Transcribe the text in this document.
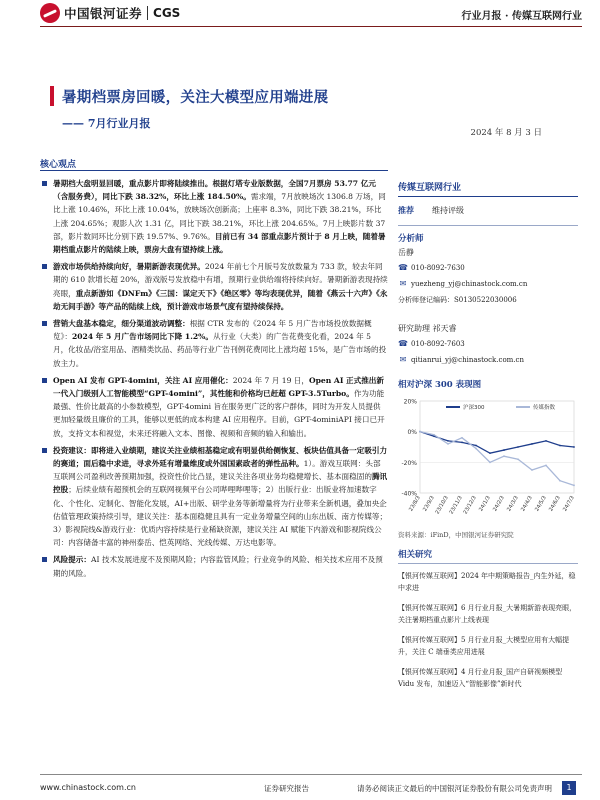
中国银河证券 CGS	行业月报 · 传媒互联网行业
暑期档票房回暖，关注大模型应用端进展
—— 7月行业月报
2024 年 8 月 3 日
核心观点
暑期档大盘明显回暖，重点影片即将陆续推出。根据灯塔专业版数据，全国7月票房 53.77 亿元（含服务费），同比下跌 38.32%，环比上涨 184.50%。需求端，7月放映场次 1306.8 万场，同比上涨 10.46%，环比上涨 10.04%，放映场次创新高；上座率 8.3%，同比下跌 38.21%，环比上涨 204.65%；观影人次 1.31 亿，同比下跌 38.21%，环比上涨 204.65%。7月上映影片数 37 部，影片数同环比分别下跌 19.57%、9.76%。目前已有 34 部重点影片预计于 8 月上映，随着暑期档重点影片的陆续上映，票房大盘有望持续上涨。
游戏市场供给持续向好，暑期新游表现优异。2024 年前七个月版号发放数量为 733 款，较去年同期的 610 款增长超 20%，游戏版号发放稳中有增，预期行业供给端将持续向好。暑期新游表现持续亮眼，重点新游如《DNFm》《三国：谋定天下》《绝区零》等均表现优异，随着《燕云十六声》《永劫无间手游》等产品的陆续上线，预计游戏市场景气度有望持续保持。
营销大盘基本稳定，细分渠道波动调整：根据 CTR 发布的《2024 年 5 月广告市场投放数据概览》：2024 年 5 月广告市场同比下降 1.2%。从行业（大类）的广告花费变化看，2024 年 5 月，化妆品/浴室用品、酒精类饮品、药品等行业广告刊例花费同比上涨均超 15%，是广告市场的投放主力。
Open AI 发布 GPT-4omini，关注 AI 应用催化：2024 年 7 月 19 日，Open AI 正式推出新一代入门级别人工智能模型“GPT-4omini”，其性能和价格均已赶超 GPT-3.5Turbo。作为功能最强、性价比最高的小参数模型，GPT-4omini 旨在服务更广泛的客户群体，同时为开发人员提供更加轻量级且廉价的工具，能够以更低的成本构建 AI 应用程序。目前，GPT-4ominiAPI 接口已开放，支持文本和视觉，未来还将融入文本、图像、视频和音频的输入和输出。
投资建议：即将进入业绩期，建议关注业绩相基稳定或有明显供给侧恢复、板块估值具备一定吸引力的赛道；面后稳中求进，寻求外延有增量维度或外国国素政者的弹性品种。1）。游戏互联网：头部互联网公司盈利改善预期加强，投资性价比凸显，建议关注各项业务均稳健增长、基本面稳固的腾讯控股；后续业绩有超预机会的互联网视频平台公司哔哩哔哩等；2）出版行业：出版业将加速数字化、个性化、定制化、智能化发展，AI+出版、研学业务等新增量将为行业带来全新机遇，叠加央企估值管理政策持续引导，建议关注：基本面稳健且具有一定业务增量空间的山东出版、南方传媒等；3）影视院线&游戏行业：优质内容持续是行业稀缺资源，建议关注 AI 赋能下内游戏和影视院线公司：内容储备丰富的神州泰岳、恺英网络、光线传媒、万达电影等。
风险提示：AI 技术发展进度不及预期风险；内容监管风险；行业竞争的风险、相关技术应用不及预期的风险。
传媒互联网行业
推荐	维持评级
分析师
岳静
☎ 010-8092-7630
✉ yuezheng_yj@chinastock.com.cn
分析师登记编码：S0130522030006
研究助理 祁天睿
☎ 010-8092-7603
✉ qitianrui_yj@chinastock.com.cn
相对沪深 300 表现图
20%
0%
-20%
-40%
沪深300	传媒指数
23/8/3 23/9/3
23/10/3
23/11/3
23/12/3 24/1/3 24/2/3 24/3/3 24/4/3 24/5/3 24/6/3 24/7/3
资料来源：iFinD，中国银河证券研究院
相关研究
【银河传媒互联网】2024 年中期策略报告_内生外延，稳中求进
【银河传媒互联网】6 月行业月报_大暑期新游表现亮眼，关注暑期档重点影片上线表现
【银河传媒互联网】5 月行业月报_大模型应用有大幅提升，关注 C 端垂类应用进展
【银河传媒互联网】4 月行业月报_国产自研视频模型 Vidu 发布，加速迈入“智能影像”新时代
www.chinastock.com.cn	证券研究报告	请务必阅读正文最后的中国银河证券股份有限公司免责声明	1
